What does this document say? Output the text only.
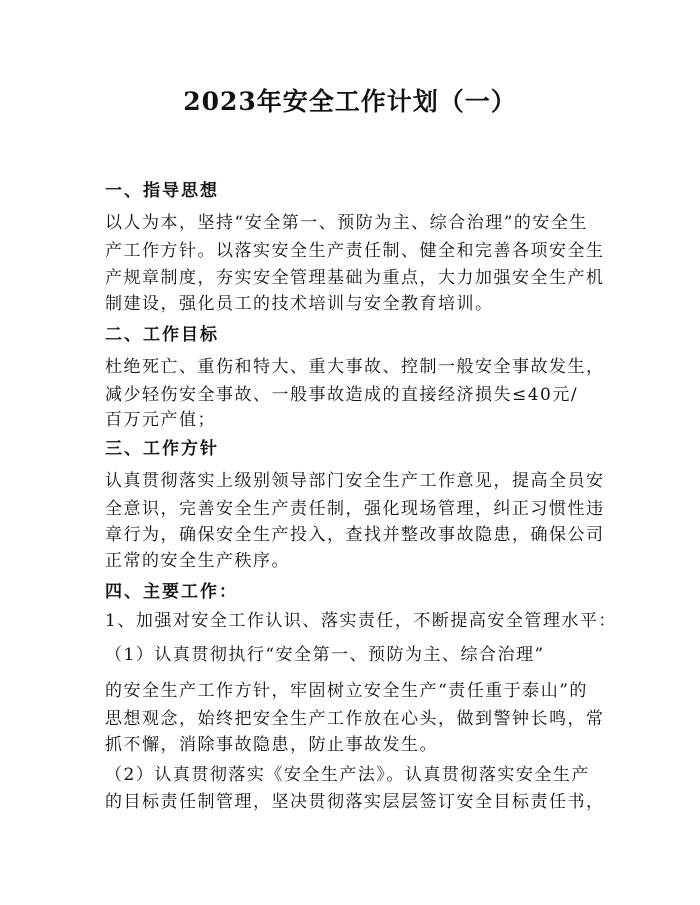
2023年安全工作计划（一）
一、指导思想
以人为本，坚持“安全第一、预防为主、综合治理”的安全生
产工作方针。以落实安全生产责任制、健全和完善各项安全生
产规章制度，夯实安全管理基础为重点，大力加强安全生产机
制建设，强化员工的技术培训与安全教育培训。
二、工作目标
杜绝死亡、重伤和特大、重大事故、控制一般安全事故发生，
减少轻伤安全事故、一般事故造成的直接经济损失≤40元/
百万元产值；
三、工作方针
认真贯彻落实上级别领导部门安全生产工作意见，提高全员安
全意识，完善安全生产责任制，强化现场管理，纠正习惯性违
章行为，确保安全生产投入，查找并整改事故隐患，确保公司
正常的安全生产秩序。
四、主要工作：
1、加强对安全工作认识、落实责任，不断提高安全管理水平：
（1）认真贯彻执行“安全第一、预防为主、综合治理”
的安全生产工作方针，牢固树立安全生产“责任重于泰山”的
思想观念，始终把安全生产工作放在心头，做到警钟长鸣，常
抓不懈，消除事故隐患，防止事故发生。
（2）认真贯彻落实《安全生产法》。认真贯彻落实安全生产
的目标责任制管理，坚决贯彻落实层层签订安全目标责任书，
